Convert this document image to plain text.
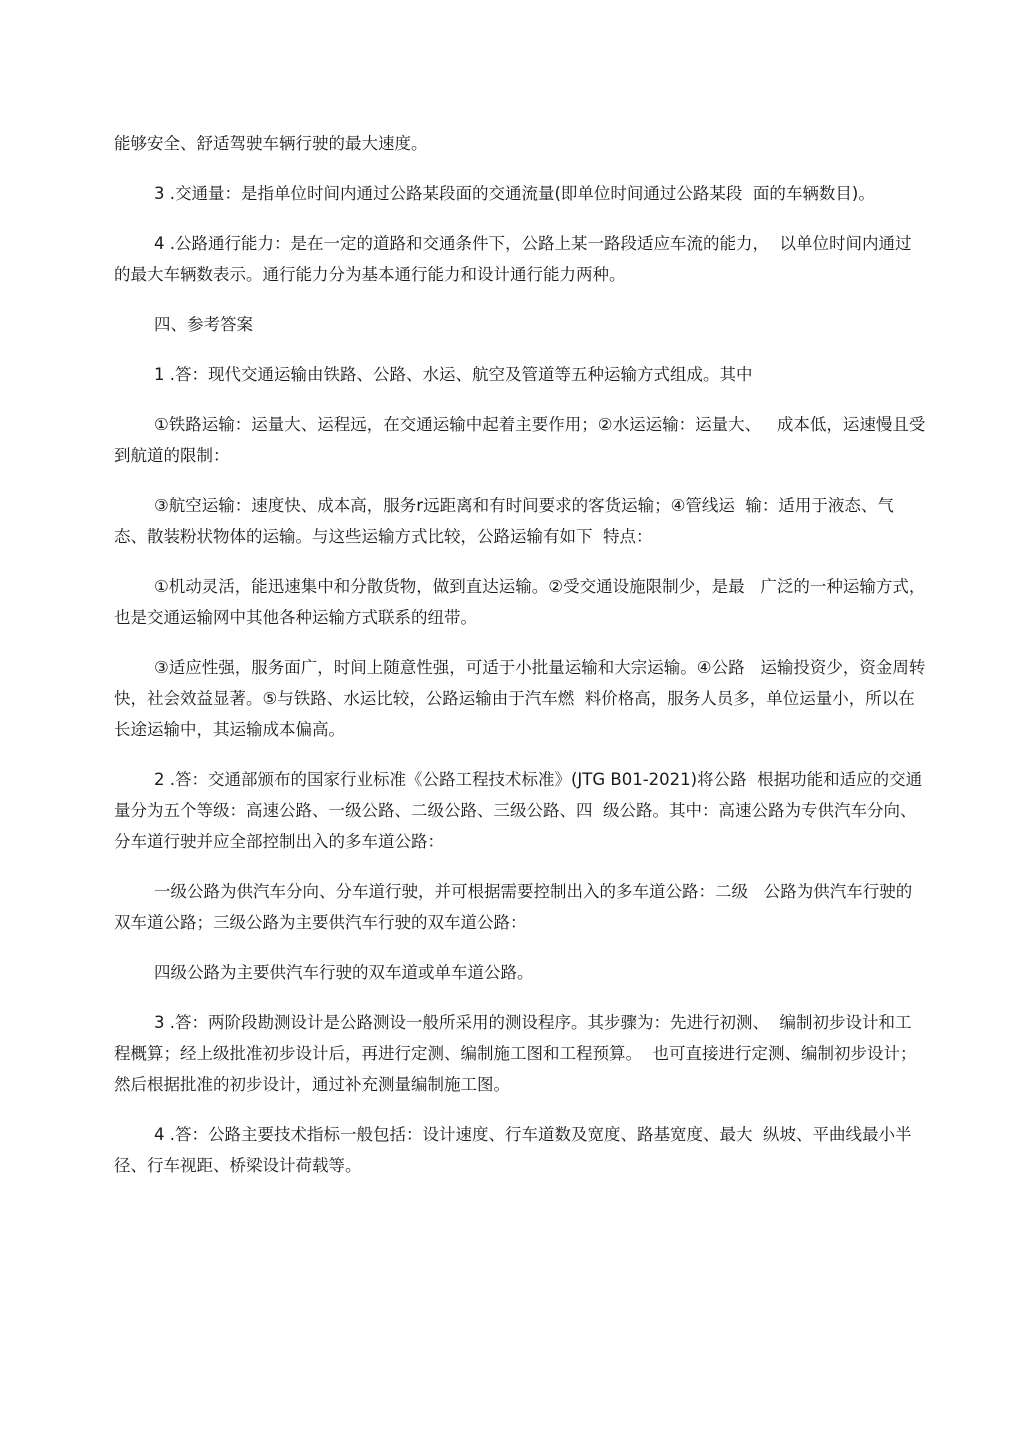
能够安全、舒适驾驶车辆行驶的最大速度。

3 .交通量：是指单位时间内通过公路某段面的交通流量(即单位时间通过公路某段  面的车辆数目)。

4 .公路通行能力：是在一定的道路和交通条件下，公路上某一路段适应车流的能力，  以单位时间内通过的最大车辆数表示。通行能力分为基本通行能力和设计通行能力两种。

四、参考答案

1 .答：现代交通运输由铁路、公路、水运、航空及管道等五种运输方式组成。其中

①铁路运输：运量大、运程远，在交通运输中起着主要作用；②水运运输：运量大、   成本低，运速慢且受到航道的限制：

③航空运输：速度快、成本高，服务r远距离和有时间要求的客货运输；④管线运  输：适用于液态、气态、散装粉状物体的运输。与这些运输方式比较，公路运输有如下  特点：

①机动灵活，能迅速集中和分散货物，做到直达运输。②受交通设施限制少，是最   广泛的一种运输方式，也是交通运输网中其他各种运输方式联系的纽带。

③适应性强，服务面广，时间上随意性强，可适于小批量运输和大宗运输。④公路   运输投资少，资金周转快，社会效益显著。⑤与铁路、水运比较，公路运输由于汽车燃  料价格高，服务人员多，单位运量小，所以在长途运输中，其运输成本偏高。

2 .答：交通部颁布的国家行业标准《公路工程技术标准》(JTG B01-2021)将公路  根据功能和适应的交通量分为五个等级：高速公路、一级公路、二级公路、三级公路、四  级公路。其中：高速公路为专供汽车分向、分车道行驶并应全部控制出入的多车道公路：

一级公路为供汽车分向、分车道行驶，并可根据需要控制出入的多车道公路：二级   公路为供汽车行驶的双车道公路；三级公路为主要供汽车行驶的双车道公路：

四级公路为主要供汽车行驶的双车道或单车道公路。

3 .答：两阶段勘测设计是公路测设一般所采用的测设程序。其步骤为：先进行初测、  编制初步设计和工程概算；经上级批准初步设计后，再进行定测、编制施工图和工程预算。  也可直接进行定测、编制初步设计；然后根据批准的初步设计，通过补充测量编制施工图。

4 .答：公路主要技术指标一般包括：设计速度、行车道数及宽度、路基宽度、最大  纵坡、平曲线最小半径、行车视距、桥梁设计荷载等。
